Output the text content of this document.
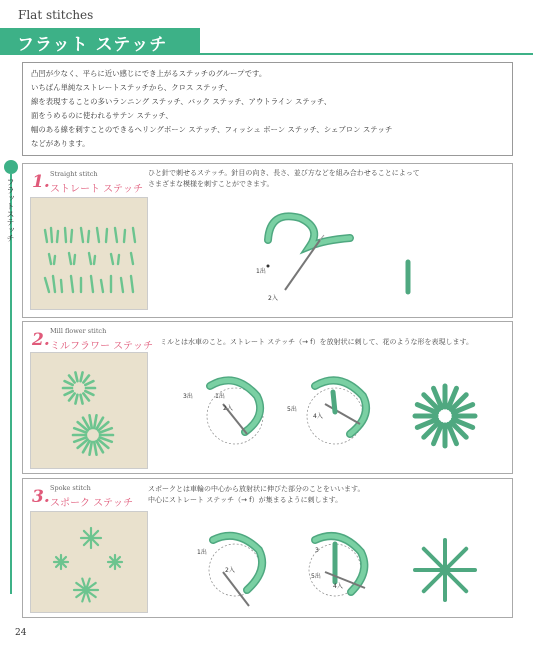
Flat stitches
フラット ステッチ

凸凹が少なく、平らに近い感じにでき上がるステッチのグループです。

いちばん単純なストレートステッチから、クロス ステッチ、

線を表現することの多いランニング ステッチ、バック ステッチ、アウトライン ステッチ、

面をうめるのに使われるサテン ステッチ、

幅のある線を刺すことのできるヘリングボーン ステッチ、フィッシュ ボーン ステッチ、シェブロン ステッチ

などがあります。

フラットステッチ 1. Straight stitch
ストレート ステッチ
ひと針で刺せるステッチ。針目の向き、長さ、並び方などを組み合わせることによって
さまざまな模様を刺すことができます。
1出
2入
2. Mill flower stitch
ミルフラワー ステッチ ミルとは水車のこと。ストレート ステッチ（→ f）を放射状に刺して、花のような形を表現します。
3出	1出
2入	5出
4入
3. Spoke stitch
スポーク ステッチ
スポークとは車輪の中心から放射状に伸びた部分のことをいいます。
中心にストレート ステッチ（→ f）が集まるように刺します。
1出
2入
3
5出
4入
24
